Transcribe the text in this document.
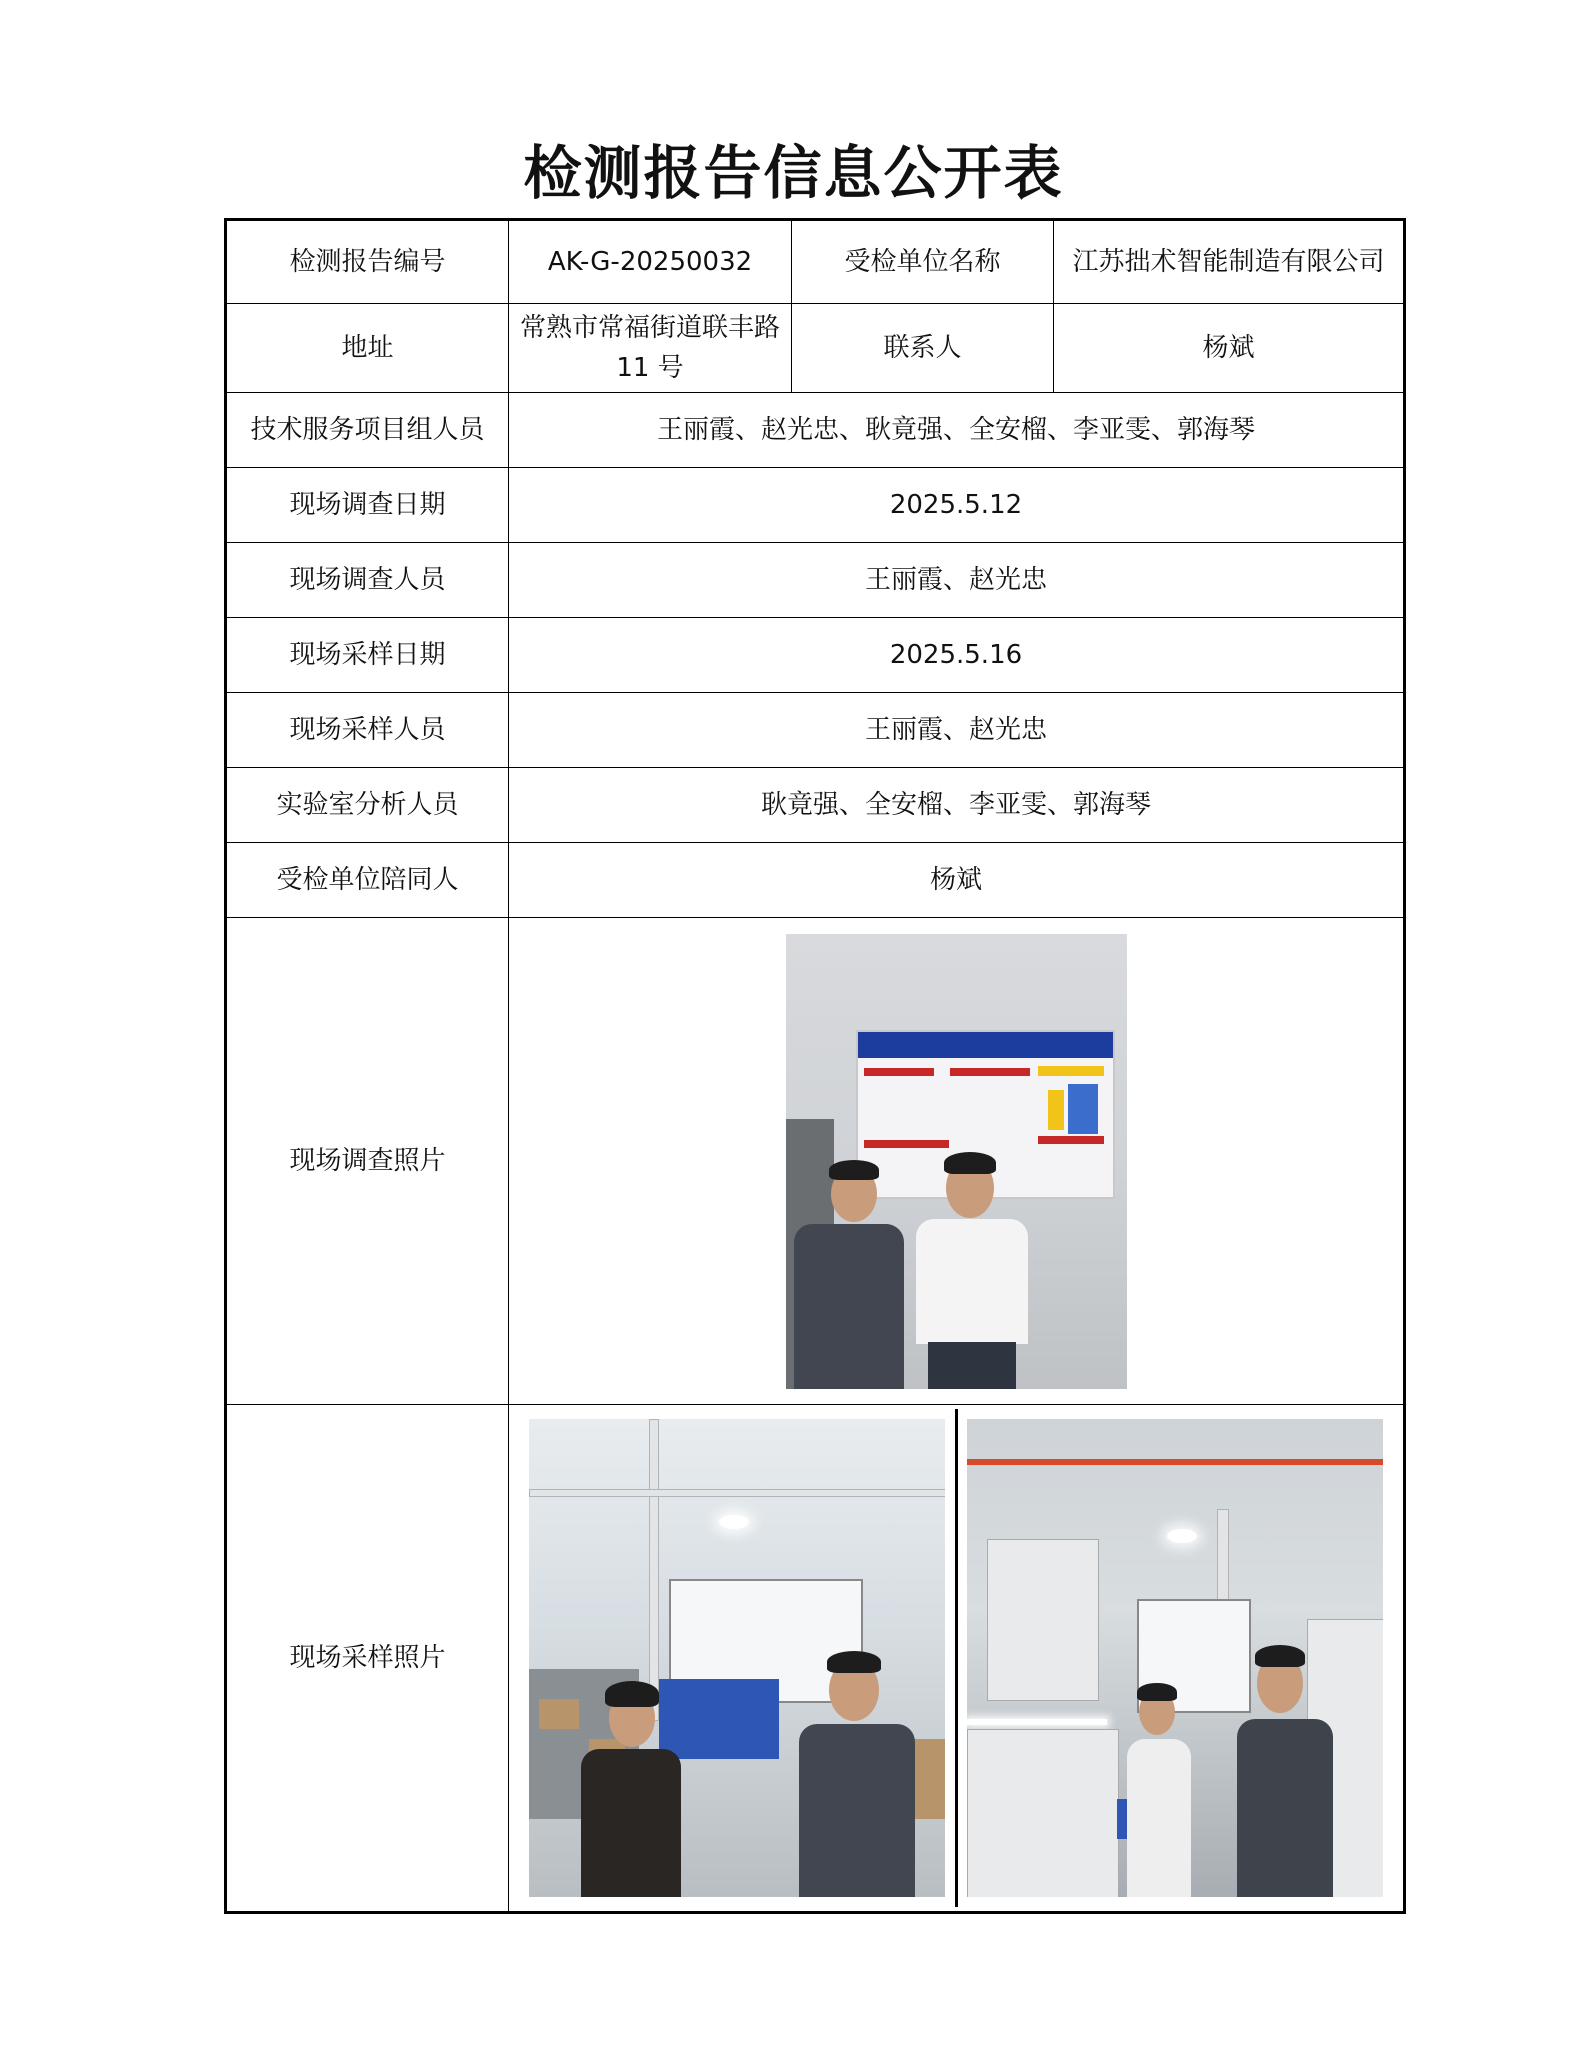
检测报告信息公开表
检测报告编号	AK-G-20250032	受检单位名称	江苏拙术智能制造有限公司
地址	常熟市常福街道联丰路 11 号	联系人	杨斌
技术服务项目组人员	王丽霞、赵光忠、耿竟强、全安榴、李亚雯、郭海琴		
现场调查日期	2025.5.12		
现场调查人员	王丽霞、赵光忠		
现场采样日期	2025.5.16		
现场采样人员	王丽霞、赵光忠		
实验室分析人员	耿竟强、全安榴、李亚雯、郭海琴		
受检单位陪同人	杨斌		
现场调查照片			

现场采样照片			
